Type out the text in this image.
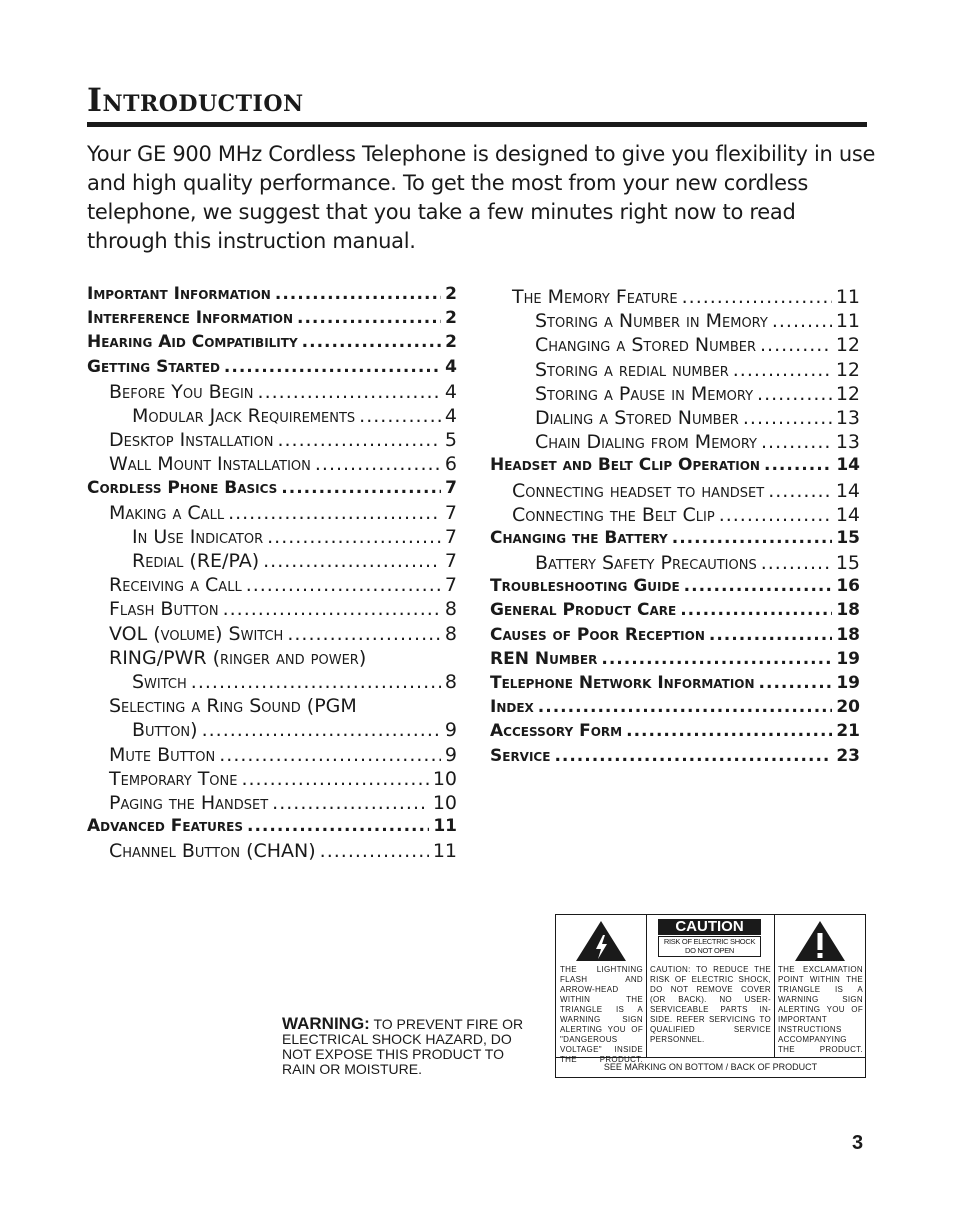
Introduction
Your GE 900 MHz Cordless Telephone is designed to give you flexibility in use and high quality performance. To get the most from your new cordless telephone, we suggest that you take a few minutes right now to read through this instruction manual.
Important Information .....	2
Interference Information .....	2
Hearing Aid Compatibility .....	2
Getting Started .....	4
Before You Begin .....	4
Modular Jack Requirements .....	4
Desktop Installation .....	5
Wall Mount Installation .....	6
Cordless Phone Basics .....	7
Making a Call .....	7
In Use Indicator .....	7
Redial (RE/PA) .....	7
Receiving a Call .....	7
Flash Button .....	8
VOL (volume) Switch .....	8
RING/PWR (ringer and power)
Switch .....	8
Selecting a Ring Sound (PGM
Button) .....	9
Mute Button .....	9
Temporary Tone .....	10
Paging the Handset .....	10
Advanced Features .....	11
Channel Button (CHAN) .....	11
The Memory Feature .....	11
Storing a Number in Memory .....	11
Changing a Stored Number .....	12
Storing a redial number .....	12
Storing a Pause in Memory .....	12
Dialing a Stored Number .....	13
Chain Dialing from Memory .....	13
Headset and Belt Clip Operation .....	14
Connecting headset to handset .....	14
Connecting the Belt Clip .....	14
Changing the Battery .....	15
Battery Safety Precautions .....	15
Troubleshooting Guide .....	16
General Product Care .....	18
Causes of Poor Reception .....	18
REN Number .....	19
Telephone Network Information .....	19
Index .....	20
Accessory Form .....	21
Service .....	23
WARNING: TO PREVENT FIRE OR ELECTRICAL SHOCK HAZARD, DO NOT EXPOSE THIS PRODUCT TO RAIN OR MOISTURE.
THE LIGHTNING FLASH AND ARROW-HEAD WITHIN THE TRIANGLE IS A WARNING SIGN ALERTING YOU OF "DANGEROUS VOLTAGE" INSIDE THE PRODUCT.
CAUTION
RISK OF ELECTRIC SHOCK
DO NOT OPEN
CAUTION: TO REDUCE THE RISK OF ELECTRIC SHOCK, DO NOT REMOVE COVER (OR BACK). NO USER-SERVICEABLE PARTS IN-SIDE. REFER SERVICING TO QUALIFIED SERVICE PERSONNEL.
THE EXCLAMATION POINT WITHIN THE TRIANGLE IS A WARNING SIGN ALERTING YOU OF IMPORTANT INSTRUCTIONS ACCOMPANYING THE PRODUCT.
SEE MARKING ON BOTTOM / BACK OF PRODUCT
3
